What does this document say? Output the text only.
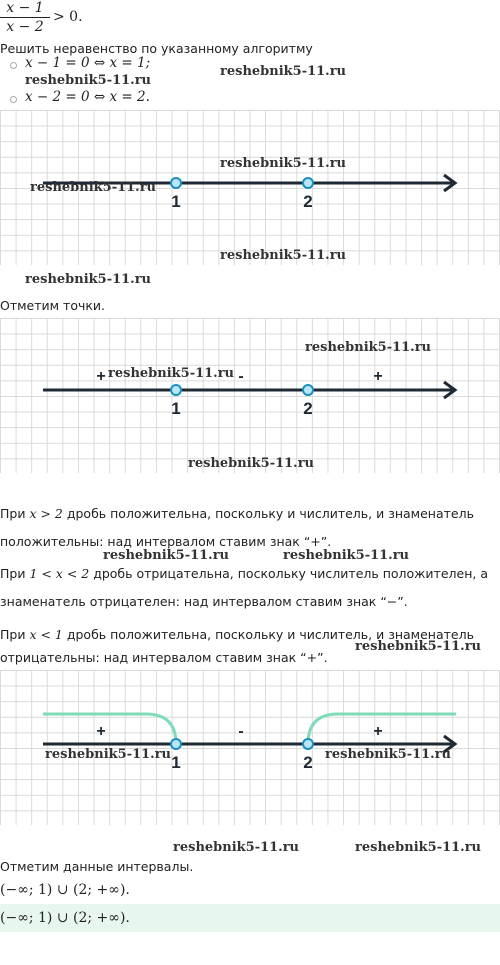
x − 1
x − 2
> 0.
Решить неравенство по указанному алгоритму
x − 1 = 0 ⇔ x = 1;
x − 2 = 0 ⇔ x = 2.
1	2
Отметим точки.
1	2
+	-	+
При x > 2 дробь положительна, поскольку и числитель, и знаменатель
положительны: над интервалом ставим знак “+”.
При 1 < x < 2 дробь отрицательна, поскольку числитель положителен, а
знаменатель отрицателен: над интервалом ставим знак “−”.
При x < 1 дробь положительна, поскольку и числитель, и знаменатель
отрицательны: над интервалом ставим знак “+”.
1	2
+	-	+
Отметим данные интервалы.
(−∞; 1) ∪ (2; +∞).
(−∞; 1) ∪ (2; +∞).
reshebnik5-11.ru
reshebnik5-11.ru
reshebnik5-11.ru
reshebnik5-11.ru
reshebnik5-11.ru
reshebnik5-11.ru
reshebnik5-11.ru
reshebnik5-11.ru
reshebnik5-11.ru
reshebnik5-11.ru	reshebnik5-11.ru
reshebnik5-11.ru
reshebnik5-11.ru	reshebnik5-11.ru
reshebnik5-11.ru	reshebnik5-11.ru
